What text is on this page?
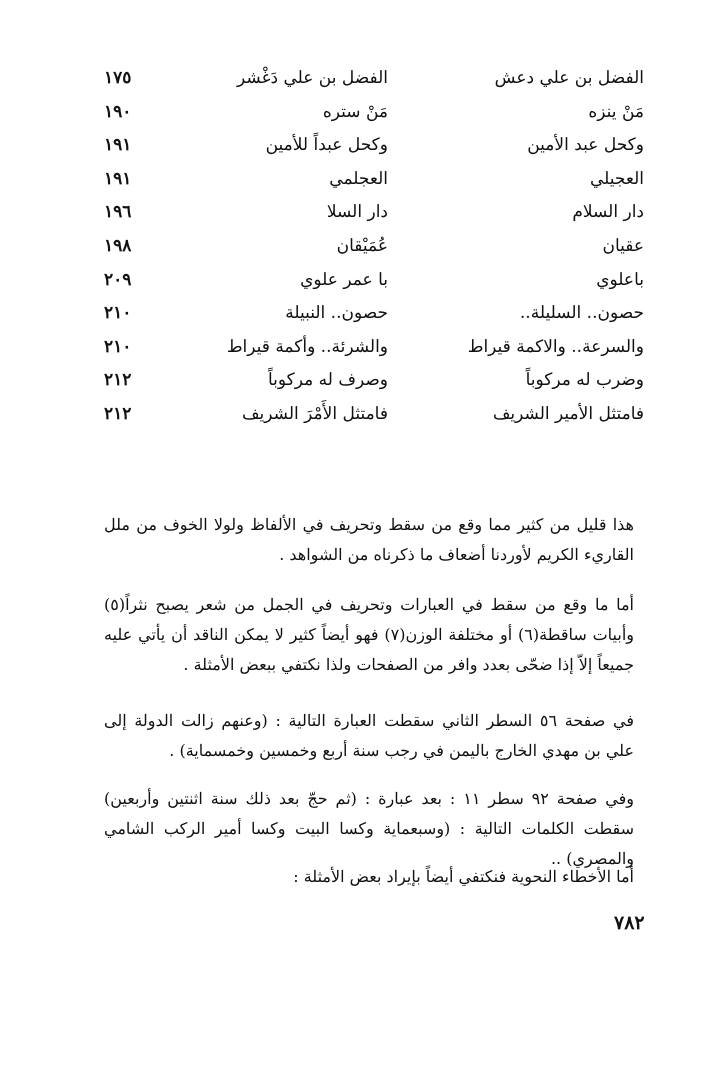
الفضل بن علي دعش
الفضل بن علي دَغْشر
١٧٥
مَنْ ينزه
مَنْ ستره
١٩٠
وكحل عبد الأمين
وكحل عبداً للأمين
١٩١
العجيلي
العجلمي
١٩١
دار السلام
دار السلا
١٩٦
عقيان
عُمَيْقان
١٩٨
باعلوي
با عمر علوي
٢٠٩
حصون.. السليلة..
حصون.. النبيلة
٢١٠
والسرعة.. والاكمة قيراط
والشرئة.. وأكمة قيراط
٢١٠
وضرب له مركوباً
وصرف له مركوباً
٢١٢
فامتثل الأمير الشريف
فامتثل الأَمْرَ الشريف
٢١٢

هذا قليل من كثير مما وقع من سقط وتحريف في الألفاظ ولولا الخوف من ملل القاريء الكريم لأوردنا أضعاف ما ذكرناه من الشواهد .

أما ما وقع من سقط في العبارات وتحريف في الجمل من شعر يصبح نثراً(٥) وأبيات ساقطة(٦) أو مختلفة الوزن(٧) فهو أيضاً كثير لا يمكن الناقد أن يأتي عليه جميعاً إلاّ إذا ضحّى بعدد وافر من الصفحات ولذا نكتفي ببعض الأمثلة .

في صفحة ٥٦ السطر الثاني سقطت العبارة التالية : (وعنهم زالت الدولة إلى علي بن مهدي الخارج باليمن في رجب سنة أربع وخمسين وخمسماية) .

وفي صفحة ٩٢ سطر ١١ : بعد عبارة : (ثم حجّ بعد ذلك سنة اثنتين وأربعين) سقطت الكلمات التالية : (وسبعماية وكسا البيت وكسا أمير الركب الشامي والمصري) ..

أما الأخطاء النحوية فنكتفي أيضاً بإيراد بعض الأمثلة :

٧٨٢
